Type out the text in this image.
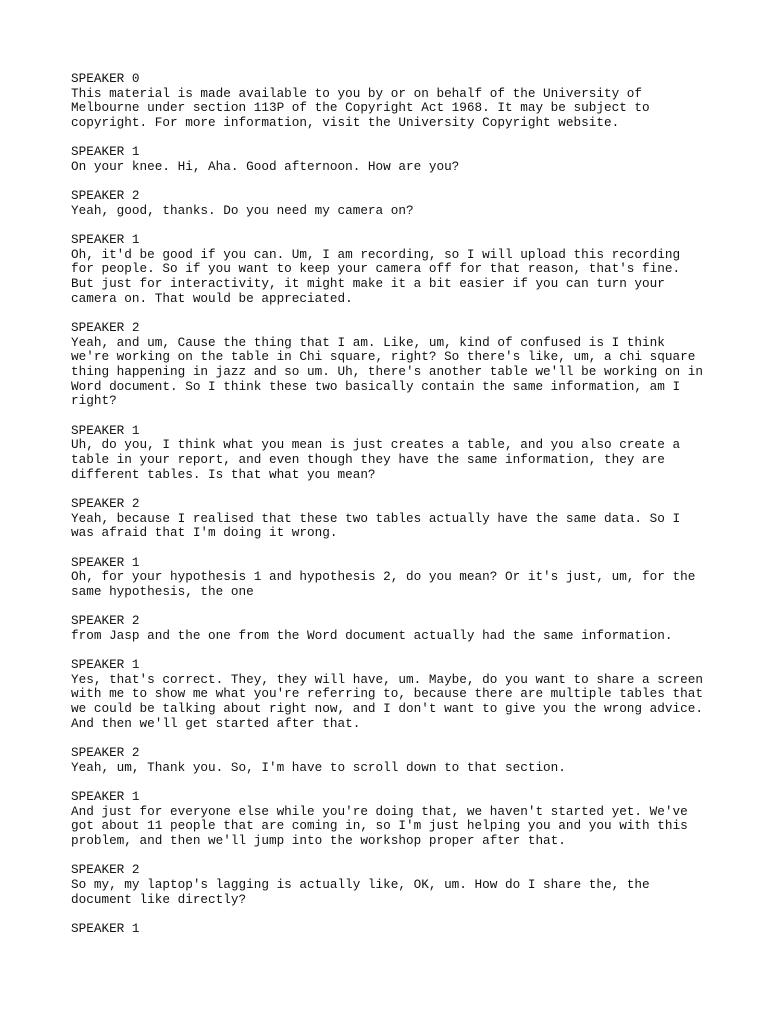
SPEAKER 0
This material is made available to you by or on behalf of the University of
Melbourne under section 113P of the Copyright Act 1968. It may be subject to
copyright. For more information, visit the University Copyright website.
SPEAKER 1
On your knee. Hi, Aha. Good afternoon. How are you?
SPEAKER 2
Yeah, good, thanks. Do you need my camera on?
SPEAKER 1
Oh, it'd be good if you can. Um, I am recording, so I will upload this recording
for people. So if you want to keep your camera off for that reason, that's fine.
But just for interactivity, it might make it a bit easier if you can turn your
camera on. That would be appreciated.
SPEAKER 2
Yeah, and um, Cause the thing that I am. Like, um, kind of confused is I think
we're working on the table in Chi square, right? So there's like, um, a chi square
thing happening in jazz and so um. Uh, there's another table we'll be working on in
Word document. So I think these two basically contain the same information, am I
right?
SPEAKER 1
Uh, do you, I think what you mean is just creates a table, and you also create a
table in your report, and even though they have the same information, they are
different tables. Is that what you mean?
SPEAKER 2
Yeah, because I realised that these two tables actually have the same data. So I
was afraid that I'm doing it wrong.
SPEAKER 1
Oh, for your hypothesis 1 and hypothesis 2, do you mean? Or it's just, um, for the
same hypothesis, the one
SPEAKER 2
from Jasp and the one from the Word document actually had the same information.
SPEAKER 1
Yes, that's correct. They, they will have, um. Maybe, do you want to share a screen
with me to show me what you're referring to, because there are multiple tables that
we could be talking about right now, and I don't want to give you the wrong advice.
And then we'll get started after that.
SPEAKER 2
Yeah, um, Thank you. So, I'm have to scroll down to that section.
SPEAKER 1
And just for everyone else while you're doing that, we haven't started yet. We've
got about 11 people that are coming in, so I'm just helping you and you with this
problem, and then we'll jump into the workshop proper after that.
SPEAKER 2
So my, my laptop's lagging is actually like, OK, um. How do I share the, the
document like directly?
SPEAKER 1
